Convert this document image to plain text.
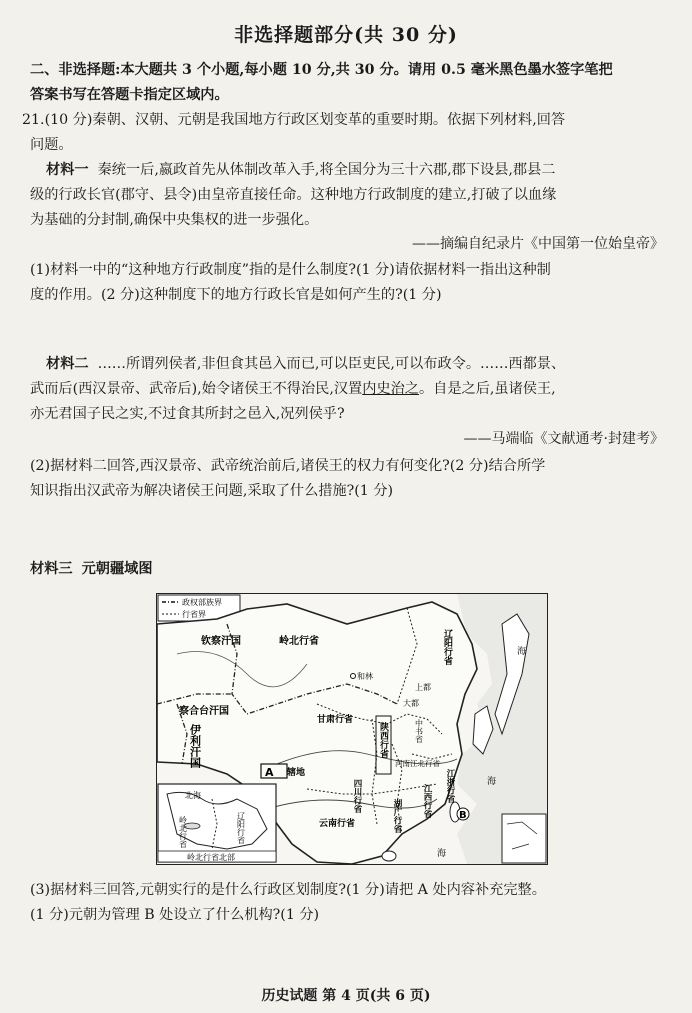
非选择题部分(共 30 分)
二、非选择题:本大题共 3 个小题,每小题 10 分,共 30 分。请用 0.5 毫米黑色墨水签字笔把
答案书写在答题卡指定区域内。
21.(10 分)秦朝、汉朝、元朝是我国地方行政区划变革的重要时期。依据下列材料,回答
问题。
材料一 秦统一后,嬴政首先从体制改革入手,将全国分为三十六郡,郡下设县,郡县二
级的行政长官(郡守、县令)由皇帝直接任命。这种地方行政制度的建立,打破了以血缘
为基础的分封制,确保中央集权的进一步强化。
——摘编自纪录片《中国第一位始皇帝》
(1)材料一中的“这种地方行政制度”指的是什么制度?(1 分)请依据材料一指出这种制
度的作用。(2 分)这种制度下的地方行政长官是如何产生的?(1 分)
材料二 ……所谓列侯者,非但食其邑入而已,可以臣吏民,可以布政令。……西都景、
武而后(西汉景帝、武帝后),始令诸侯王不得治民,汉置内史治之。自是之后,虽诸侯王,
亦无君国子民之实,不过食其所封之邑入,况列侯乎?
——马端临《文献通考·封建考》
(2)据材料二回答,西汉景帝、武帝统治前后,诸侯王的权力有何变化?(2 分)结合所学
知识指出汉武帝为解决诸侯王问题,采取了什么措施?(1 分)
材料三 元朝疆域图
政权部族界
行省界
岭北行省	辽阳行省
钦察汗国
察合台汗国
伊利汗国
和林
甘肃行省
大都
上都
中书省
陕西行省
河南江北行省
江浙行省
江西行省
湖广行省
四川行省
云南行省
A 辖地
B
海
海
海
北海
岭北行省	辽阳行省
岭北行省北部
(3)据材料三回答,元朝实行的是什么行政区划制度?(1 分)请把 A 处内容补充完整。
(1 分)元朝为管理 B 处设立了什么机构?(1 分)
历史试题 第 4 页(共 6 页)
